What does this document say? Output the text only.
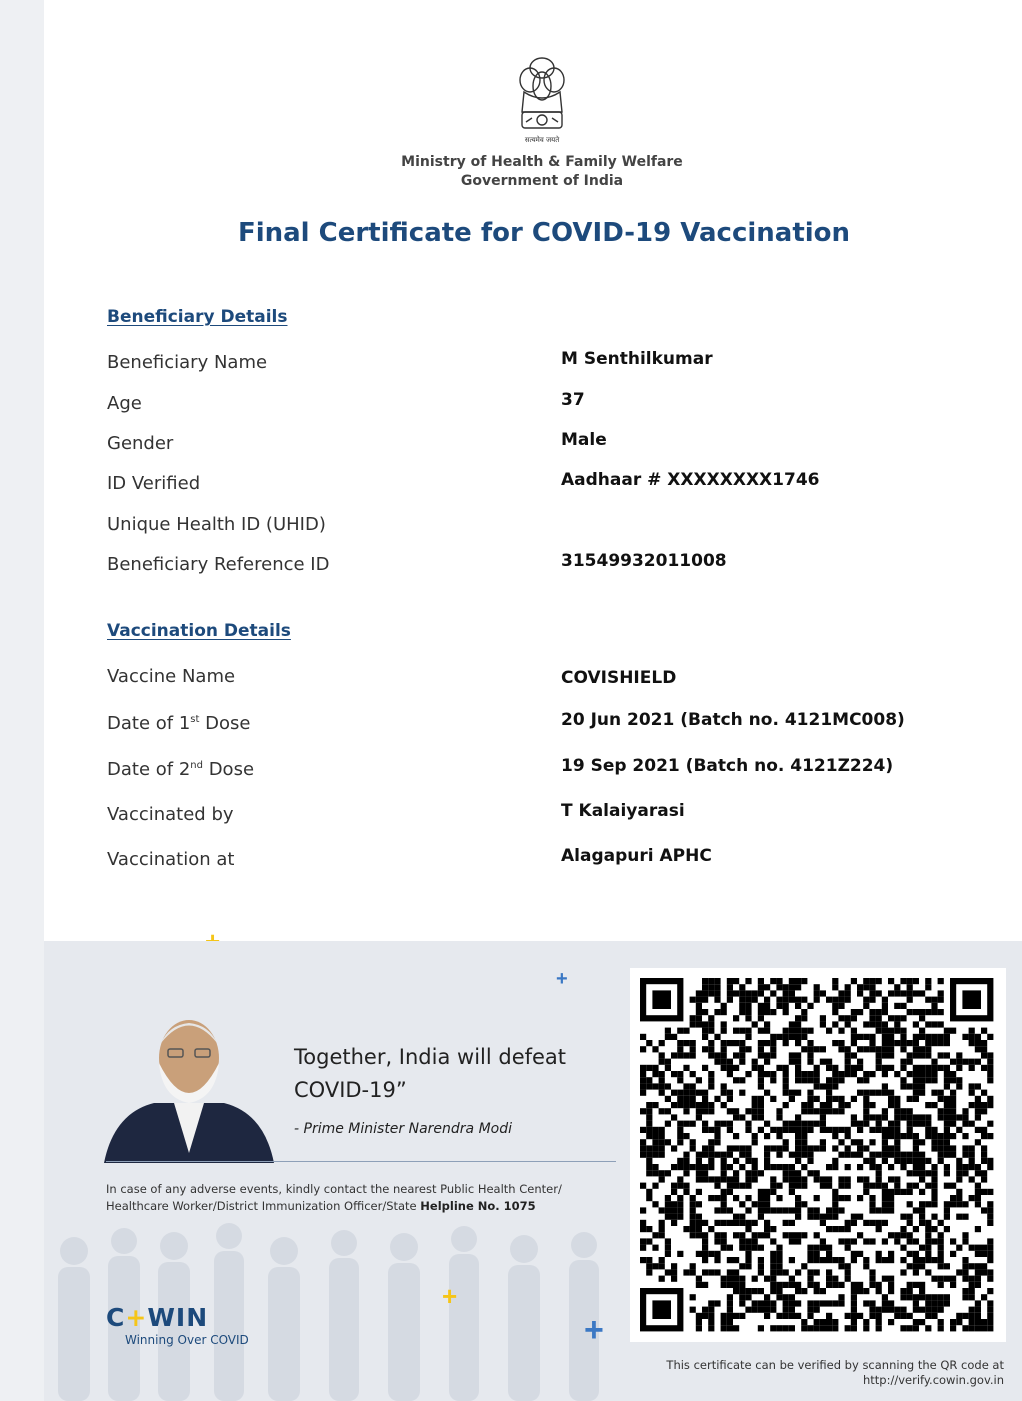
सत्यमेव जयते
Ministry of Health & Family Welfare
Government of India
Final Certificate for COVID-19 Vaccination
Beneficiary Details
Beneficiary Name	M Senthilkumar
Age	37
Gender	Male
ID Verified	Aadhaar # XXXXXXXX1746
Unique Health ID (UHID)
Beneficiary Reference ID	31549932011008
Vaccination Details
Vaccine Name	COVISHIELD
Date of 1st Dose	20 Jun 2021 (Batch no. 4121MC008)
Date of 2nd Dose	19 Sep 2021 (Batch no. 4121Z224)
Vaccinated by	T Kalaiyarasi
Vaccination at	Alagapuri APHC
+
+
+
Together, India will defeat COVID-19”
- Prime Minister Narendra Modi
In case of any adverse events, kindly contact the nearest Public Health Center/ Healthcare Worker/District Immunization Officer/State Helpline No. 1075
C+WIN
Winning Over COVID
This certificate can be verified by scanning the QR code at
http://verify.cowin.gov.in
